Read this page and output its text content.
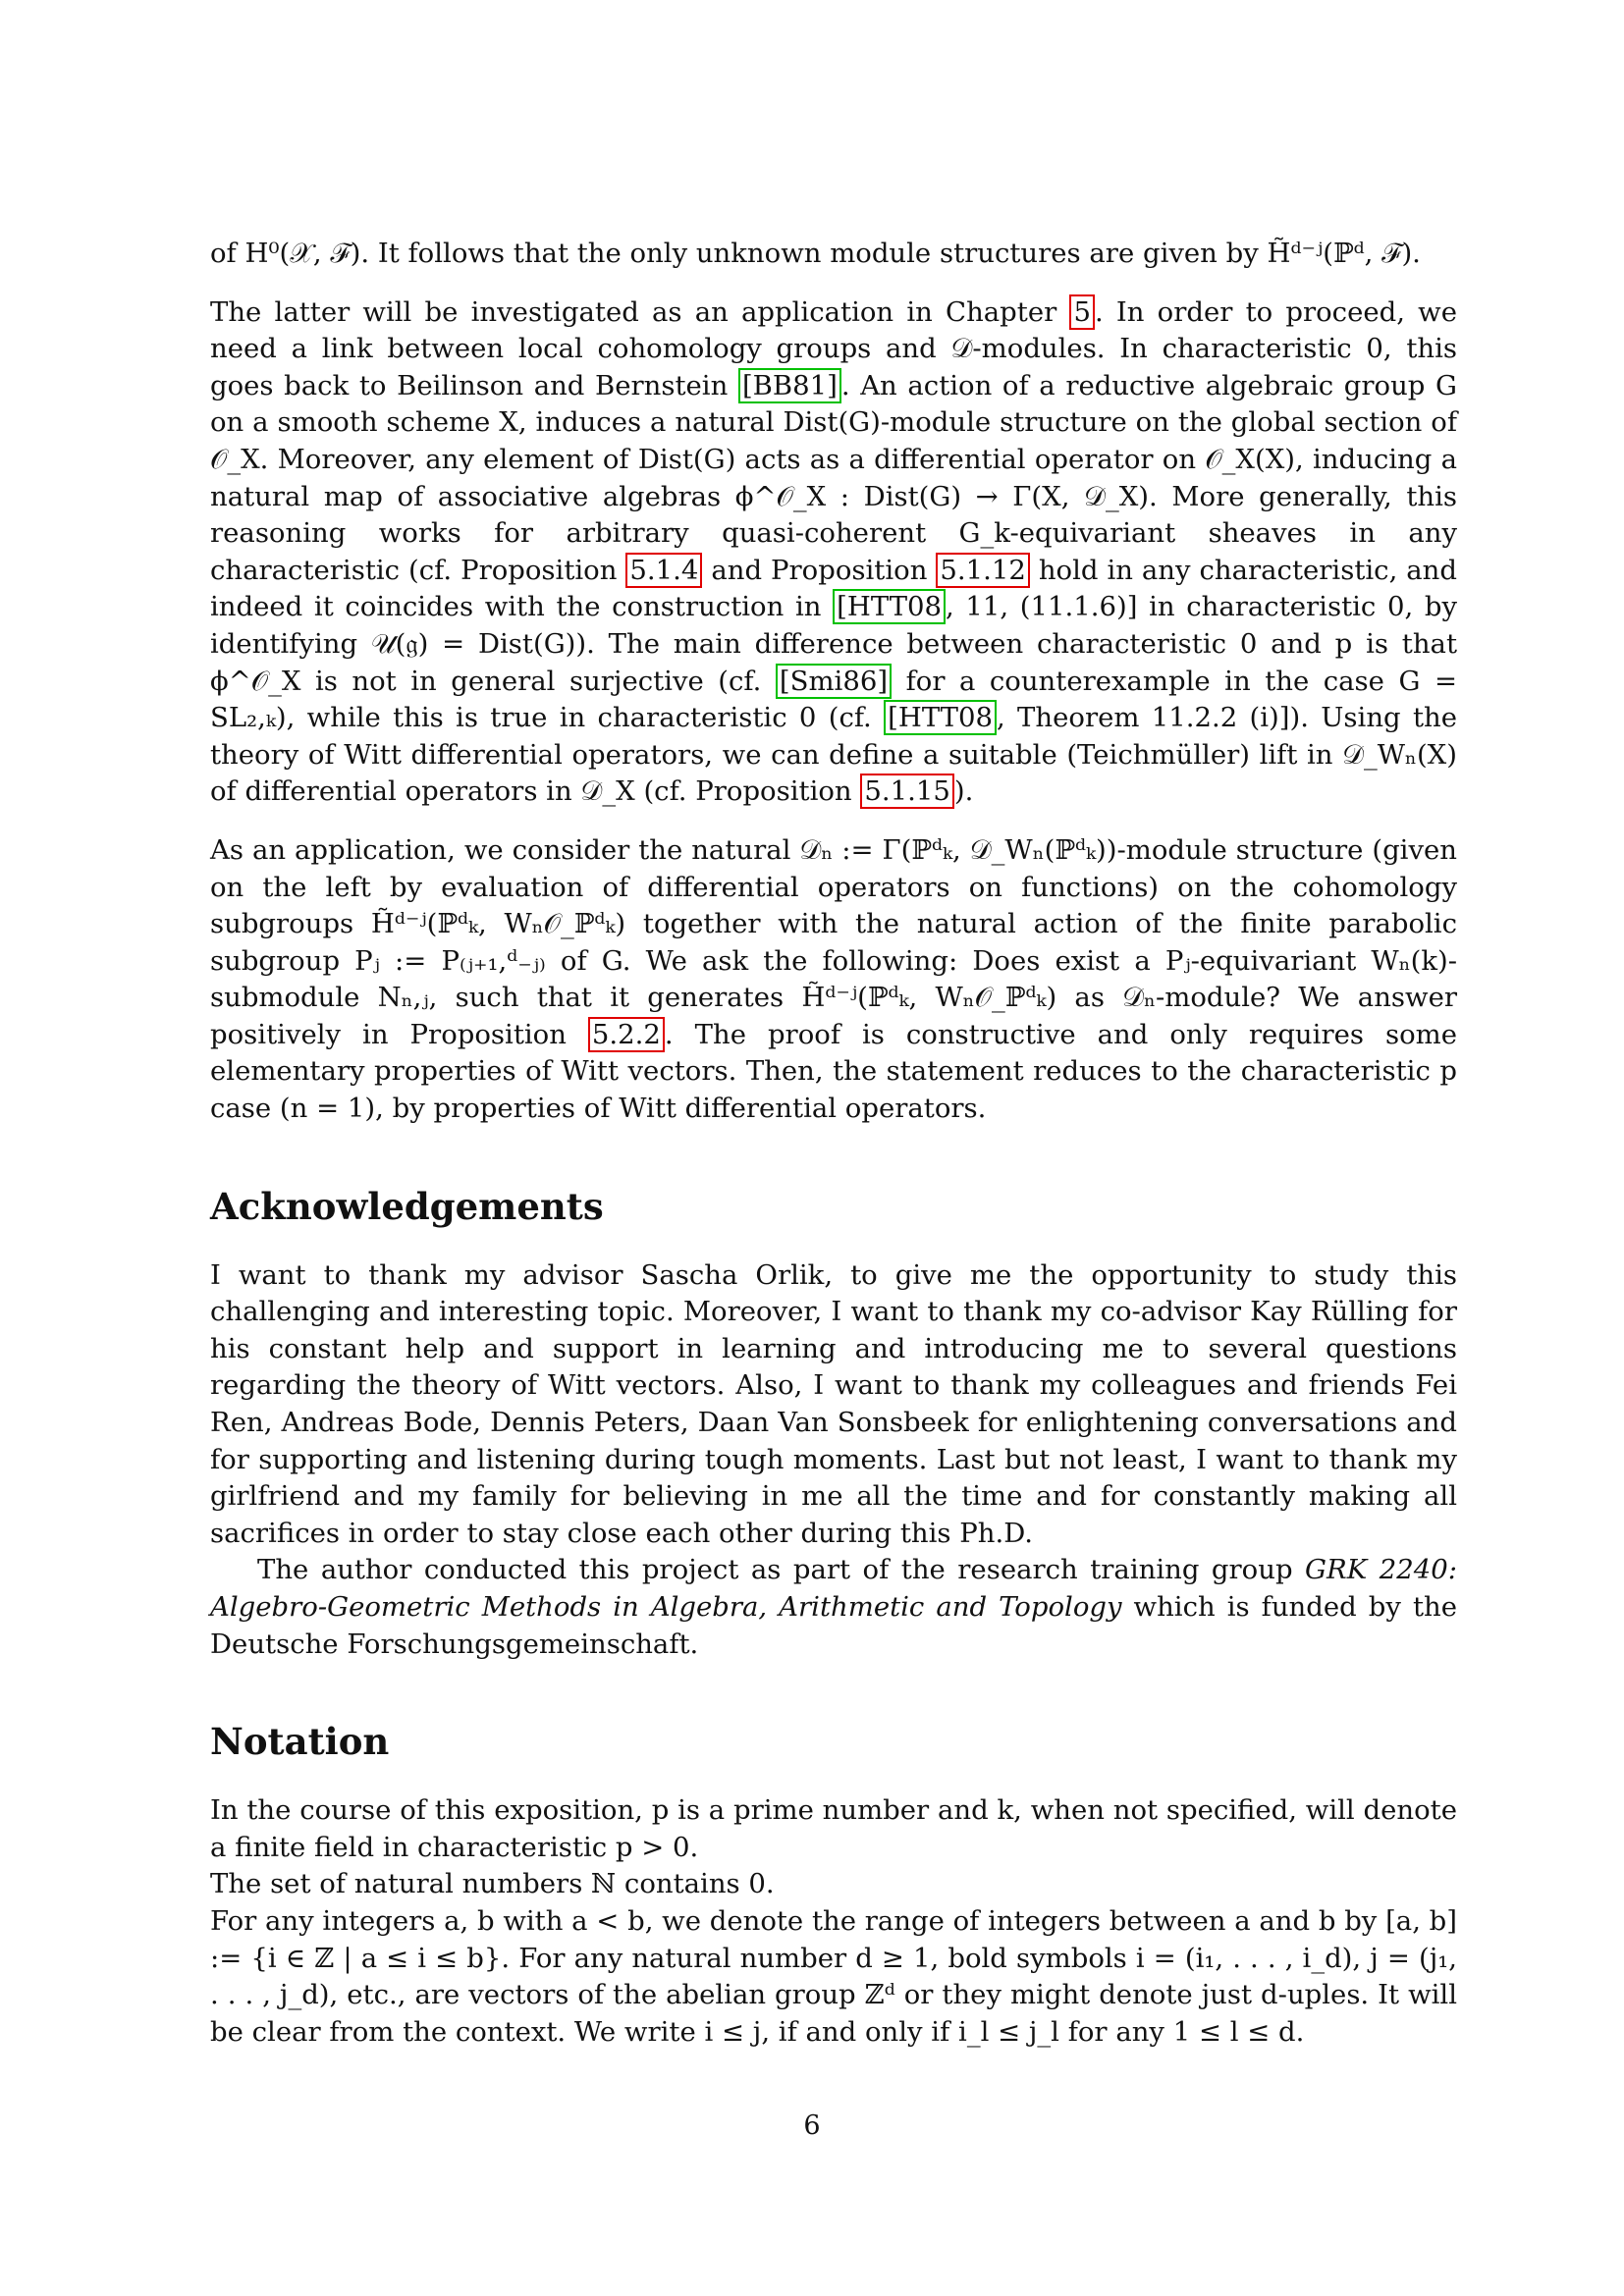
of H⁰(𝒳, ℱ). It follows that the only unknown module structures are given by H̃ᵈ⁻ʲ(ℙᵈ, ℱ).

The latter will be investigated as an application in Chapter 5 . In order to proceed, we need a link between local cohomology groups and 𝒟-modules. In characteristic 0, this goes back to Beilinson and Bernstein [BB81] . An action of a reductive algebraic group G on a smooth scheme X, induces a natural Dist(G)-module structure on the global section of 𝒪_X. Moreover, any element of Dist(G) acts as a differential operator on 𝒪_X(X), inducing a natural map of associative algebras ϕ^𝒪_X : Dist(G) → Γ(X, 𝒟_X). More generally, this reasoning works for arbitrary quasi-coherent G_k-equivariant sheaves in any characteristic (cf. Proposition 5.1.4 and Proposition 5.1.12 hold in any characteristic, and indeed it coincides with the construction in [HTT08 , 11, (11.1.6)] in characteristic 0, by identifying 𝒰(𝔤) = Dist(G)). The main difference between characteristic 0 and p is that ϕ^𝒪_X is not in general surjective (cf. [Smi86] for a counterexample in the case G = SL₂,ₖ), while this is true in characteristic 0 (cf. [HTT08 , Theorem 11.2.2 (i)]). Using the theory of Witt differential operators, we can define a suitable (Teichmüller) lift in 𝒟_Wₙ(X) of differential operators in 𝒟_X (cf. Proposition 5.1.15 ).

As an application, we consider the natural 𝒟ₙ := Γ(ℙᵈₖ, 𝒟_Wₙ(ℙᵈₖ))-module structure (given on the left by evaluation of differential operators on functions) on the cohomology subgroups H̃ᵈ⁻ʲ(ℙᵈₖ, Wₙ𝒪_ℙᵈₖ) together with the natural action of the finite parabolic subgroup Pⱼ := P₍ⱼ₊₁,ᵈ₋ⱼ₎ of G. We ask the following: Does exist a Pⱼ-equivariant Wₙ(k)-submodule Nₙ,ⱼ, such that it generates H̃ᵈ⁻ʲ(ℙᵈₖ, Wₙ𝒪_ℙᵈₖ) as 𝒟ₙ-module? We answer positively in Proposition 5.2.2 . The proof is constructive and only requires some elementary properties of Witt vectors. Then, the statement reduces to the characteristic p case (n = 1), by properties of Witt differential operators.

Acknowledgements

I want to thank my advisor Sascha Orlik, to give me the opportunity to study this challenging and interesting topic. Moreover, I want to thank my co-advisor Kay Rülling for his constant help and support in learning and introducing me to several questions regarding the theory of Witt vectors. Also, I want to thank my colleagues and friends Fei Ren, Andreas Bode, Dennis Peters, Daan Van Sonsbeek for enlightening conversations and for supporting and listening during tough moments. Last but not least, I want to thank my girlfriend and my family for believing in me all the time and for constantly making all sacrifices in order to stay close each other during this Ph.D.

The author conducted this project as part of the research training group GRK 2240: Algebro-Geometric Methods in Algebra, Arithmetic and Topology which is funded by the Deutsche Forschungsgemeinschaft.

Notation

In the course of this exposition, p is a prime number and k, when not specified, will denote a finite field in characteristic p > 0.

The set of natural numbers ℕ contains 0.

For any integers a, b with a < b, we denote the range of integers between a and b by [a, b] := {i ∈ ℤ | a ≤ i ≤ b}. For any natural number d ≥ 1, bold symbols i = (i₁, . . . , i_d), j = (j₁, . . . , j_d), etc., are vectors of the abelian group ℤᵈ or they might denote just d-uples. It will be clear from the context. We write i ≤ j, if and only if i_l ≤ j_l for any 1 ≤ l ≤ d.

6
